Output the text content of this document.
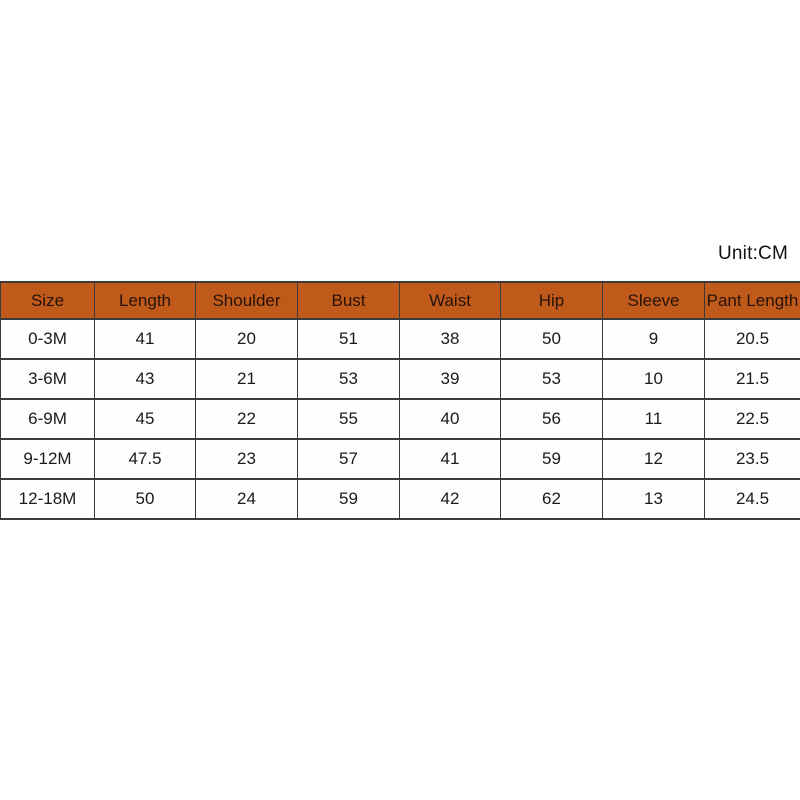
Unit:CM
Size	Length	Shoulder	Bust	Waist	Hip	Sleeve	Pant Length
0-3M	41	20	51	38	50	9	20.5
3-6M	43	21	53	39	53	10	21.5
6-9M	45	22	55	40	56	11	22.5
9-12M	47.5	23	57	41	59	12	23.5
12-18M	50	24	59	42	62	13	24.5
